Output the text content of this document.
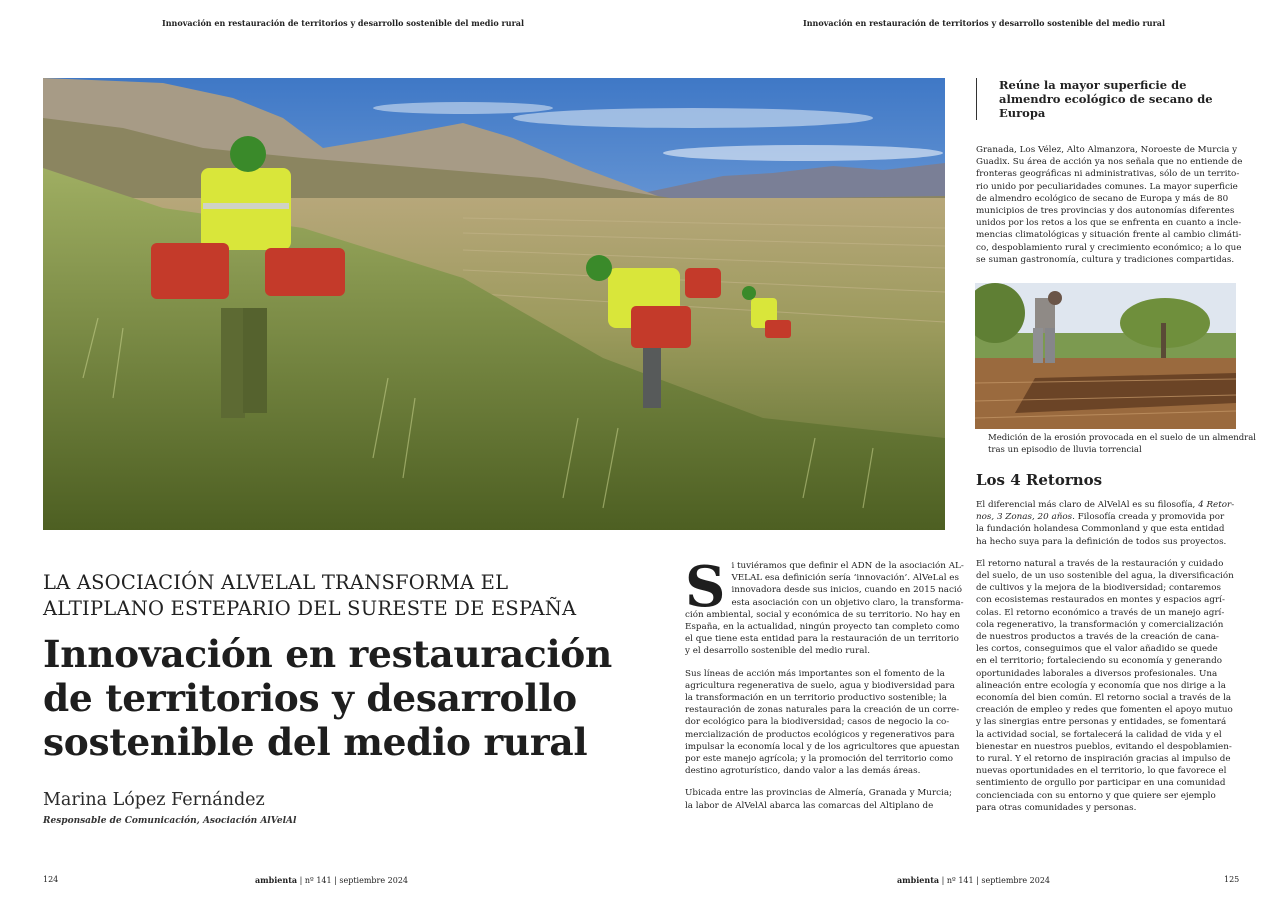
Innovación en restauración de territorios y desarrollo sostenible del medio rural	Innovación en restauración de territorios y desarrollo sostenible del medio rural
LA ASOCIACIÓN ALVELAL TRANSFORMA EL
ALTIPLANO ESTEPARIO DEL SURESTE DE ESPAÑA
Innovación en restauración
de territorios y desarrollo
sostenible del medio rural
Marina López Fernández
Responsable de Comunicación, Asociación AlVelAl

S i tuviéramos que definir el ADN de la asociación AL-
VELAL esa definición sería ‘innovación’. AlVeLal es
innovadora desde sus inicios, cuando en 2015 nació
esta asociación con un objetivo claro, la transforma-
ción ambiental, social y económica de su territorio. No hay en
España, en la actualidad, ningún proyecto tan completo como
el que tiene esta entidad para la restauración de un territorio
y el desarrollo sostenible del medio rural.

Sus líneas de acción más importantes son el fomento de la
agricultura regenerativa de suelo, agua y biodiversidad para
la transformación en un territorio productivo sostenible; la
restauración de zonas naturales para la creación de un corre-
dor ecológico para la biodiversidad; casos de negocio la co-
mercialización de productos ecológicos y regenerativos para
impulsar la economía local y de los agricultores que apuestan
por este manejo agrícola; y la promoción del territorio como
destino agroturístico, dando valor a las demás áreas.

Ubicada entre las provincias de Almería, Granada y Murcia;
la labor de AlVelAl abarca las comarcas del Altiplano de

Reúne la mayor superficie de
almendro ecológico de secano de
Europa

Granada, Los Vélez, Alto Almanzora, Noroeste de Murcia y
Guadix. Su área de acción ya nos señala que no entiende de
fronteras geográficas ni administrativas, sólo de un territo-
rio unido por peculiaridades comunes. La mayor superficie
de almendro ecológico de secano de Europa y más de 80
municipios de tres provincias y dos autonomías diferentes
unidos por los retos a los que se enfrenta en cuanto a inclе-
mencias climatológicas y situación frente al cambio climáti-
co, despoblamiento rural y crecimiento económico; a lo que
se suman gastronomía, cultura y tradiciones compartidas.

Medición de la erosión provocada en el suelo de un almendral
tras un episodio de lluvia torrencial
Los 4 Retornos

El diferencial más claro de AlVelAl es su filosofía, 4 Retor-
nos, 3 Zonas, 20 años. Filosofía creada y promovida por
la fundación holandesa Commonland y que esta entidad
ha hecho suya para la definición de todos sus proyectos.

El retorno natural a través de la restauración y cuidado
del suelo, de un uso sostenible del agua, la diversificación
de cultivos y la mejora de la biodiversidad; contaremos
con ecosistemas restaurados en montes y espacios agrí-
colas. El retorno económico a través de un manejo agrí-
cola regenerativo, la transformación y comercialización
de nuestros productos a través de la creación de cana-
les cortos, conseguimos que el valor añadido se quede
en el territorio; fortaleciendo su economía y generando
oportunidades laborales a diversos profesionales. Una
alineación entre ecología y economía que nos dirige a la
economía del bien común. El retorno social a través de la
creación de empleo y redes que fomenten el apoyo mutuo
y las sinergias entre personas y entidades, se fomentará
la actividad social, se fortalecerá la calidad de vida y el
bienestar en nuestros pueblos, evitando el despoblamien-
to rural. Y el retorno de inspiración gracias al impulso de
nuevas oportunidades en el territorio, lo que favorece el
sentimiento de orgullo por participar en una comunidad
concienciada con su entorno y que quiere ser ejemplo
para otras comunidades y personas.

124	ambienta | nº 141 | septiembre 2024	ambienta | nº 141 | septiembre 2024	125
